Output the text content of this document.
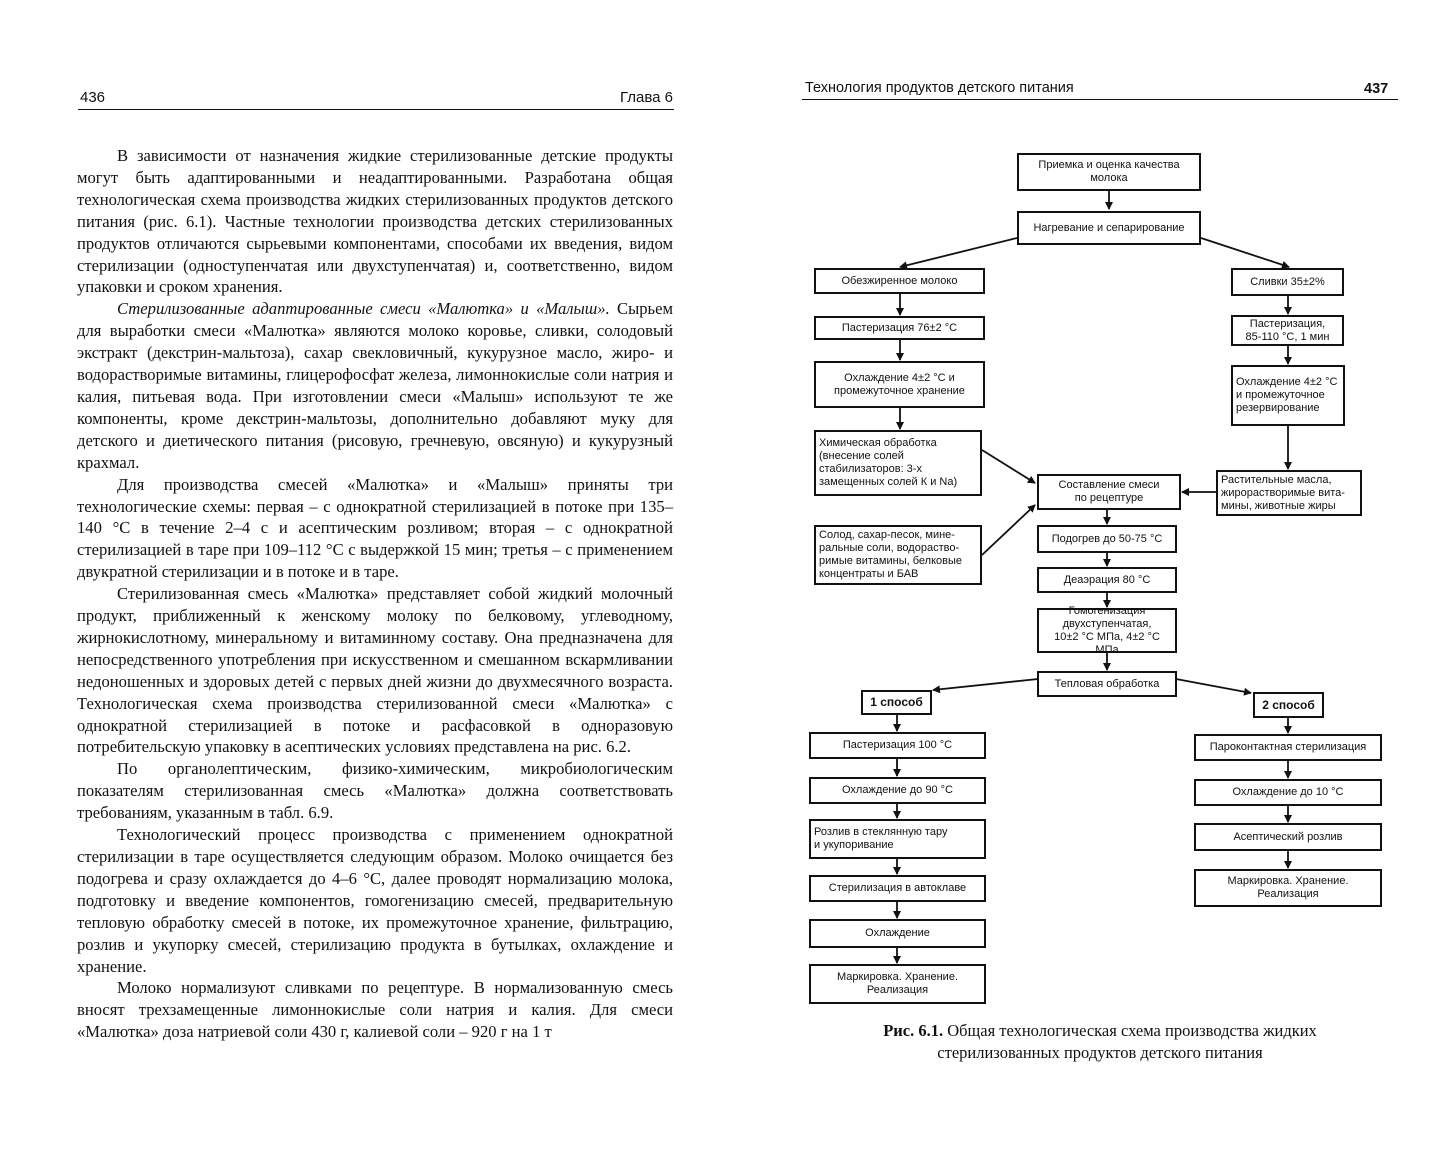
436	Глава 6

В зависимости от назначения жидкие стерилизованные детские продукты могут быть адаптированными и неадаптированными. Разработана общая технологическая схема производства жидких стерилизованных продуктов детского питания (рис. 6.1). Частные технологии производства детских стерилизованных продуктов отличаются сырьевыми компонентами, способами их введения, видом стерилизации (одноступенчатая или двухступенчатая) и, соответственно, видом упаковки и сроком хранения.

Стерилизованные адаптированные смеси «Малютка» и «Малыш». Сырьем для выработки смеси «Малютка» являются молоко коровье, сливки, солодовый экстракт (декстрин-мальтоза), сахар свекловичный, кукурузное масло, жиро- и водорастворимые витамины, глицерофосфат железа, лимоннокислые соли натрия и калия, питьевая вода. При изготовлении смеси «Малыш» используют те же компоненты, кроме декстрин-мальтозы, дополнительно добавляют муку для детского и диетического питания (рисовую, гречневую, овсяную) и кукурузный крахмал.

Для производства смесей «Малютка» и «Малыш» приняты три технологические схемы: первая – с однократной стерилизацией в потоке при 135–140 °С в течение 2–4 с и асептическим розливом; вторая – с однократной стерилизацией в таре при 109–112 °С с выдержкой 15 мин; третья – с применением двукратной стерилизации и в потоке и в таре.

Стерилизованная смесь «Малютка» представляет собой жидкий молочный продукт, приближенный к женскому молоку по белковому, углеводному, жирнокислотному, минеральному и витаминному составу. Она предназначена для непосредственного употребления при искусственном и смешанном вскармливании недоношенных и здоровых детей с первых дней жизни до двухмесячного возраста. Технологическая схема производства стерилизованной смеси «Малютка» с однократной стерилизацией в потоке и расфасовкой в одноразовую потребительскую упаковку в асептических условиях представлена на рис. 6.2.

По органолептическим, физико-химическим, микробиологическим показателям стерилизованная смесь «Малютка» должна соответствовать требованиям, указанным в табл. 6.9.

Технологический процесс производства с применением однократной стерилизации в таре осуществляется следующим образом. Молоко очищается без подогрева и сразу охлаждается до 4–6 °С, далее проводят нормализацию молока, подготовку и введение компонентов, гомогенизацию смесей, предварительную тепловую обработку смесей в потоке, их промежуточное хранение, фильтрацию, розлив и укупорку смесей, стерилизацию продукта в бутылках, охлаждение и хранение.

Молоко нормализуют сливками по рецептуре. В нормализованную смесь вносят трехзамещенные лимоннокислые соли натрия и калия. Для смеси «Малютка» доза натриевой соли 430 г, калиевой соли – 920 г на 1 т

Технология продуктов детского питания	437
Приемка и оценка качества
молока
Нагревание и сепарирование
Обезжиренное молоко
Пастеризация 76±2 °С
Охлаждение 4±2 °С и
промежуточное хранение
Химическая обработка
(внесение солей
стабилизаторов: 3-х
замещенных солей К и Na)
Солод, сахар-песок, мине-
ральные соли, водораство-
римые витамины, белковые
концентраты и БАВ
Сливки 35±2%
Пастеризация,
85-110 °С, 1 мин
Охлаждение 4±2 °С
и промежуточное
резервирование
Растительные масла,
жирорастворимые вита-
мины, животные жиры
Составление смеси
по рецептуре
Подогрев до 50-75 °С
Деаэрация 80 °С
Гомогенизация
двухступенчатая,
10±2 °С МПа, 4±2 °С МПа
Тепловая обработка
1 способ
Пастеризация 100 °С
Охлаждение до 90 °С
Розлив в стеклянную тару
и укупоривание
Стерилизация в автоклаве
Охлаждение
Маркировка. Хранение.
Реализация
2 способ
Пароконтактная стерилизация
Охлаждение до 10 °С
Асептический розлив
Маркировка. Хранение.
Реализация
Рис. 6.1. Общая технологическая схема производства жидких стерилизованных продуктов детского питания
